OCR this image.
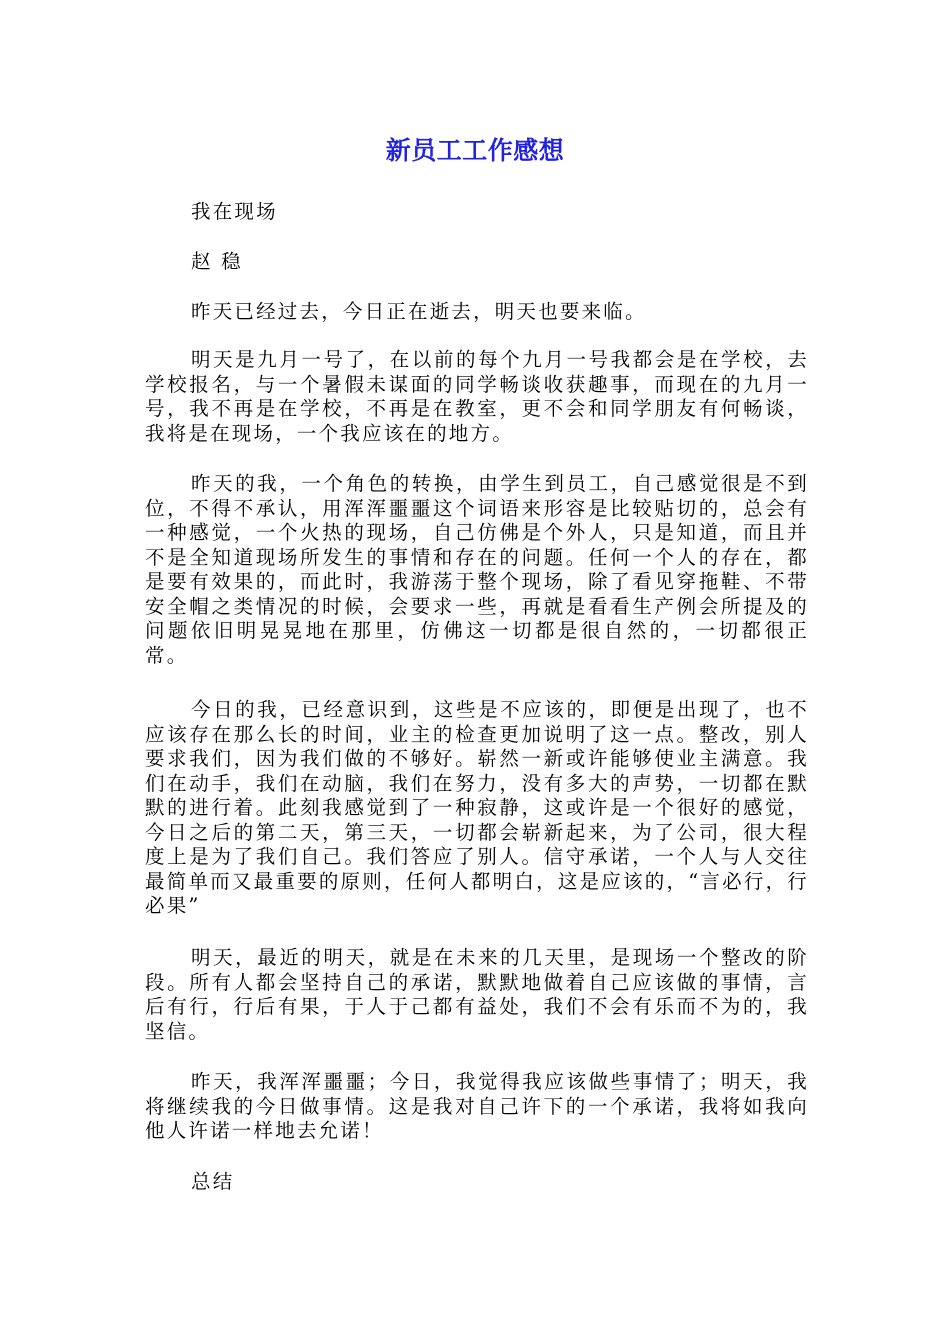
新员工工作感想

我在现场

赵 稳

昨天已经过去，今日正在逝去，明天也要来临。

明天是九月一号了，在以前的每个九月一号我都会是在学校，去学校报名，与一个暑假未谋面的同学畅谈收获趣事，而现在的九月一号，我不再是在学校，不再是在教室，更不会和同学朋友有何畅谈，我将是在现场，一个我应该在的地方。

昨天的我，一个角色的转换，由学生到员工，自己感觉很是不到位，不得不承认，用浑浑噩噩这个词语来形容是比较贴切的，总会有一种感觉，一个火热的现场，自己仿佛是个外人，只是知道，而且并不是全知道现场所发生的事情和存在的问题。任何一个人的存在，都是要有效果的，而此时，我游荡于整个现场，除了看见穿拖鞋、不带安全帽之类情况的时候，会要求一些，再就是看看生产例会所提及的问题依旧明晃晃地在那里，仿佛这一切都是很自然的，一切都很正常。

今日的我，已经意识到，这些是不应该的，即便是出现了，也不应该存在那么长的时间，业主的检查更加说明了这一点。整改，别人要求我们，因为我们做的不够好。崭然一新或许能够使业主满意。我们在动手，我们在动脑，我们在努力，没有多大的声势，一切都在默默的进行着。此刻我感觉到了一种寂静，这或许是一个很好的感觉，今日之后的第二天，第三天，一切都会崭新起来，为了公司，很大程度上是为了我们自己。我们答应了别人。信守承诺，一个人与人交往最简单而又最重要的原则，任何人都明白，这是应该的，“言必行，行必果”

明天，最近的明天，就是在未来的几天里，是现场一个整改的阶段。所有人都会坚持自己的承诺，默默地做着自己应该做的事情，言后有行，行后有果，于人于己都有益处，我们不会有乐而不为的，我坚信。

昨天，我浑浑噩噩；今日，我觉得我应该做些事情了；明天，我将继续我的今日做事情。这是我对自己许下的一个承诺，我将如我向他人许诺一样地去允诺！

总结
